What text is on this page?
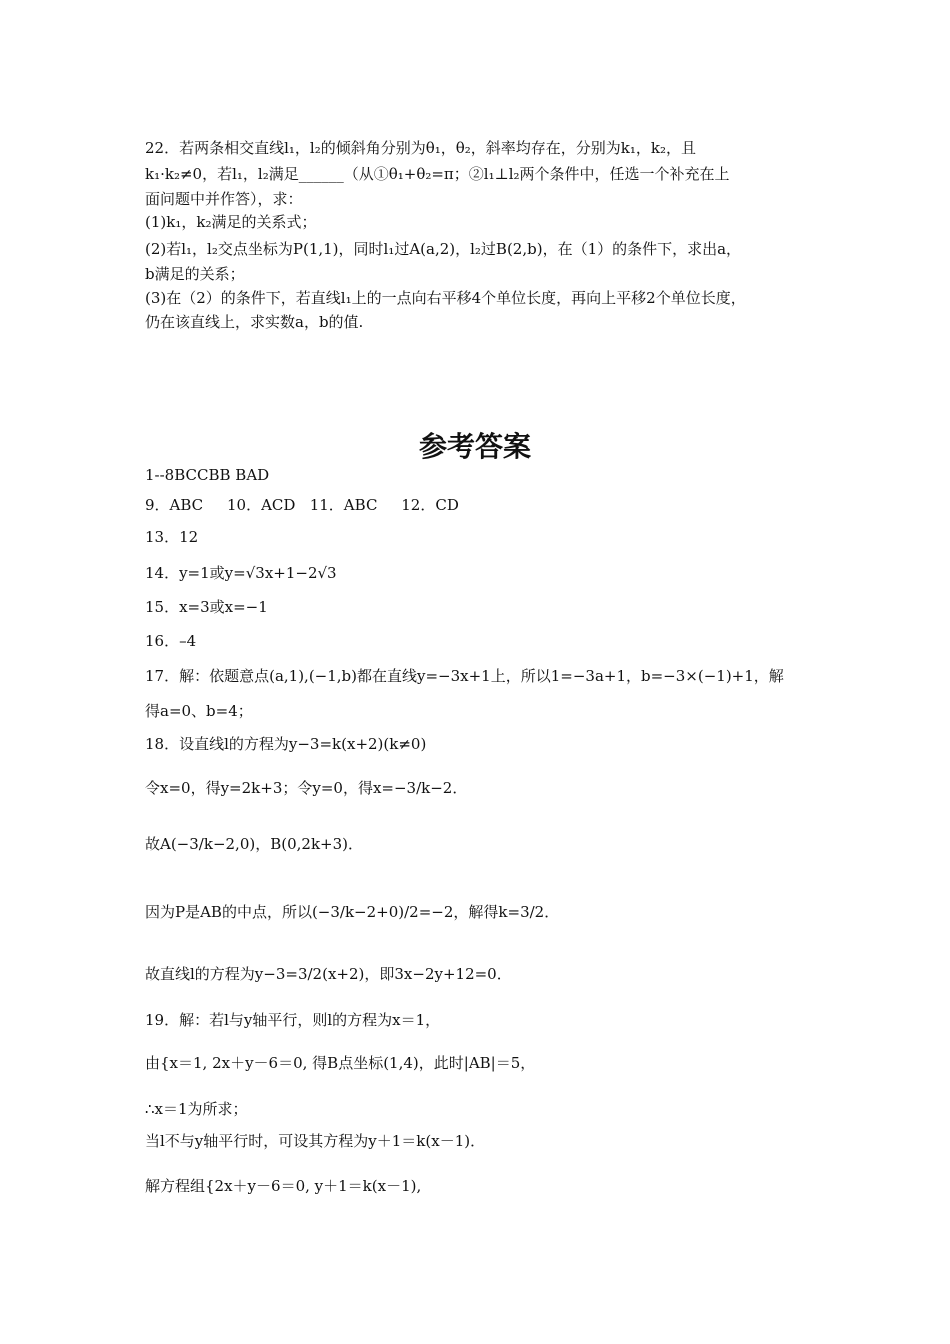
22．若两条相交直线l₁，l₂的倾斜角分别为θ₁，θ₂，斜率均存在，分别为k₁，k₂，且
k₁·k₂≠0，若l₁，l₂满足______（从①θ₁+θ₂=π；②l₁⊥l₂两个条件中，任选一个补充在上
面问题中并作答），求：
(1)k₁，k₂满足的关系式；
(2)若l₁，l₂交点坐标为P(1,1)，同时l₁过A(a,2)，l₂过B(2,b)，在（1）的条件下，求出a，
b满足的关系；
(3)在（2）的条件下，若直线l₁上的一点向右平移4个单位长度，再向上平移2个单位长度，
仍在该直线上，求实数a，b的值.
参考答案
1--8BCCBB BAD
9．ABC     10．ACD   11．ABC     12．CD
13．12
14．y=1或y=√3x+1−2√3
15．x=3或x=−1
16．–4
17．解：依题意点(a,1),(−1,b)都在直线y=−3x+1上，所以1=−3a+1，b=−3×(−1)+1，解
得a=0、b=4；
18．设直线l的方程为y−3=k(x+2)(k≠0)
令x=0，得y=2k+3；令y=0，得x=−3/k−2．
故A(−3/k−2,0)，B(0,2k+3)．
因为P是AB的中点，所以(−3/k−2+0)/2=−2，解得k=3/2．
故直线l的方程为y−3=3/2(x+2)，即3x−2y+12=0．
19．解：若l与y轴平行，则l的方程为x＝1，
由{x＝1, 2x＋y－6＝0, 得B点坐标(1,4)，此时|AB|＝5，
∴x＝1为所求；
当l不与y轴平行时，可设其方程为y＋1＝k(x－1)．
解方程组{2x＋y－6＝0, y＋1＝k(x－1),
